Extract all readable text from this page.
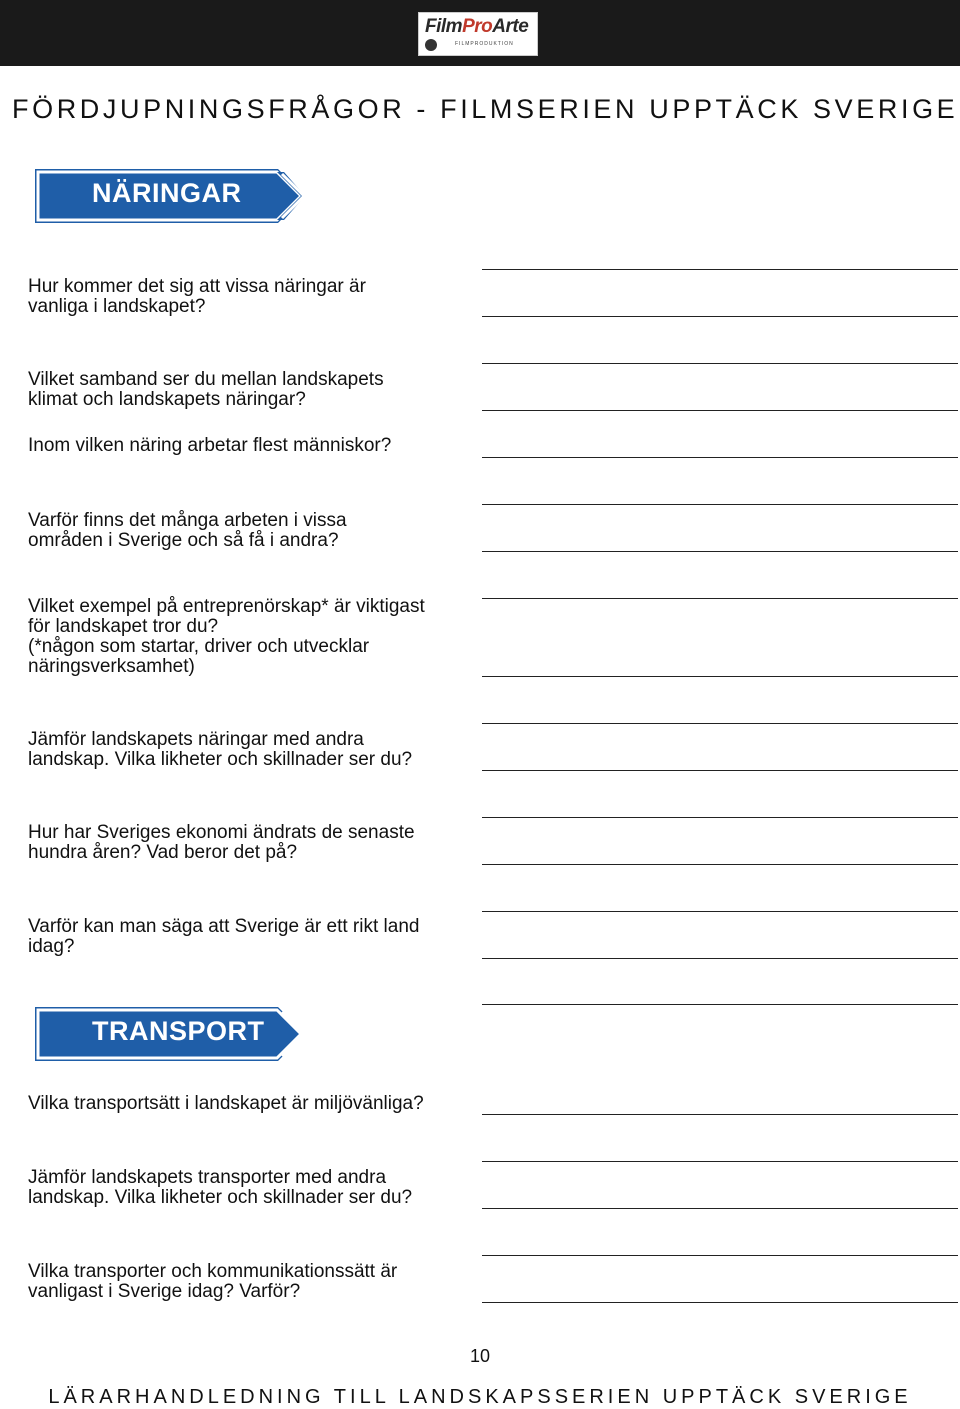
FilmProArte
FILMPRODUKTION
FÖRDJUPNINGSFRÅGOR - FILMSERIEN UPPTÄCK SVERIGE
NÄRINGAR
Hur kommer det sig att vissa näringar är
vanliga i landskapet?
Vilket samband ser du mellan landskapets
klimat och landskapets näringar?
Inom vilken näring arbetar flest människor?
Varför finns det många arbeten i vissa
områden i Sverige och så få i andra?
Vilket exempel på entreprenörskap* är viktigast
för landskapet tror du?
(*någon som startar, driver och utvecklar
näringsverksamhet)
Jämför landskapets näringar med andra
landskap. Vilka likheter och skillnader ser du?
Hur har Sveriges ekonomi ändrats de senaste
hundra åren? Vad beror det på?
Varför kan man säga att Sverige är ett rikt land
idag?
TRANSPORT
Vilka transportsätt i landskapet är miljövänliga?
Jämför landskapets transporter med andra
landskap. Vilka likheter och skillnader ser du?
Vilka transporter och kommunikationssätt är
vanligast i Sverige idag? Varför?
10
LÄRARHANDLEDNING TILL LANDSKAPSSERIEN UPPTÄCK SVERIGE
